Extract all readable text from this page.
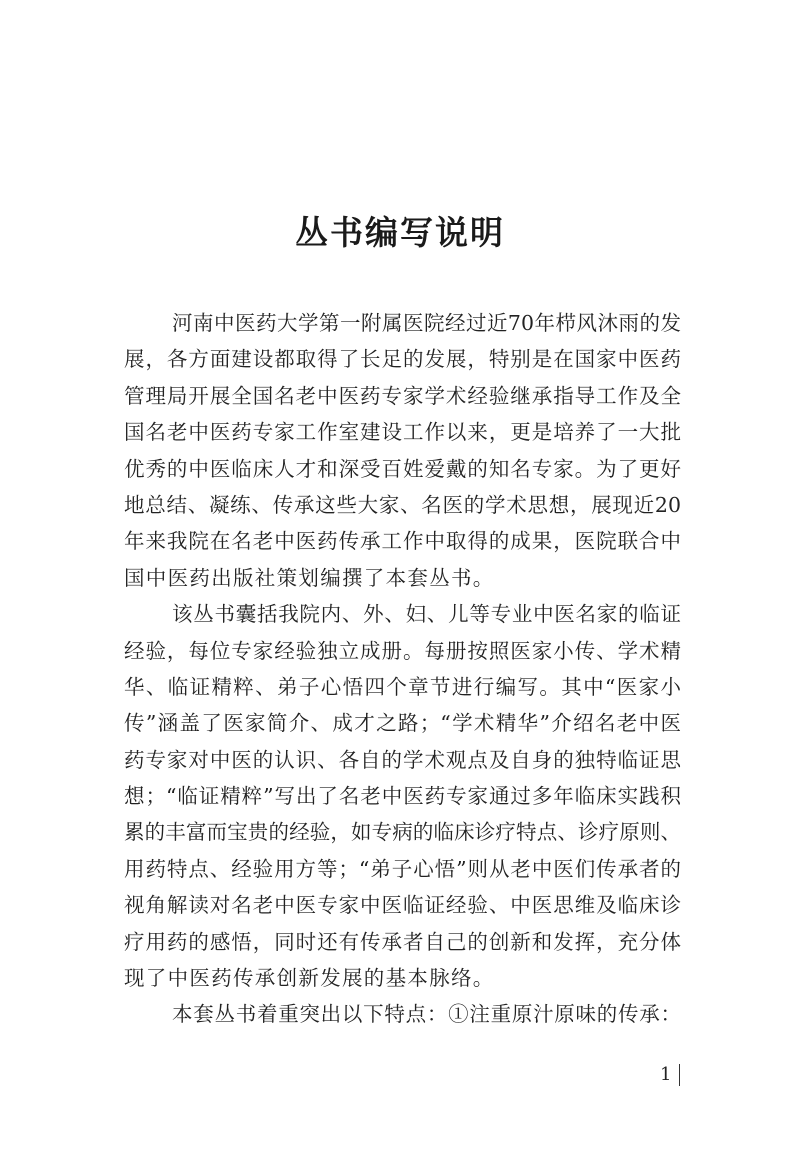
丛书编写说明
河南中医药大学第一附属医院经过近70年栉风沐雨的发
展，各方面建设都取得了长足的发展，特别是在国家中医药
管理局开展全国名老中医药专家学术经验继承指导工作及全
国名老中医药专家工作室建设工作以来，更是培养了一大批
优秀的中医临床人才和深受百姓爱戴的知名专家。为了更好
地总结、凝练、传承这些大家、名医的学术思想，展现近20
年来我院在名老中医药传承工作中取得的成果，医院联合中
国中医药出版社策划编撰了本套丛书。
该丛书囊括我院内、外、妇、儿等专业中医名家的临证
经验，每位专家经验独立成册。每册按照医家小传、学术精
华、临证精粹、弟子心悟四个章节进行编写。其中“医家小
传”涵盖了医家简介、成才之路；“学术精华”介绍名老中医
药专家对中医的认识、各自的学术观点及自身的独特临证思
想；“临证精粹”写出了名老中医药专家通过多年临床实践积
累的丰富而宝贵的经验，如专病的临床诊疗特点、诊疗原则、
用药特点、经验用方等；“弟子心悟”则从老中医们传承者的
视角解读对名老中医专家中医临证经验、中医思维及临床诊
疗用药的感悟，同时还有传承者自己的创新和发挥，充分体
现了中医药传承创新发展的基本脉络。
本套丛书着重突出以下特点：①注重原汁原味的传承：
1
